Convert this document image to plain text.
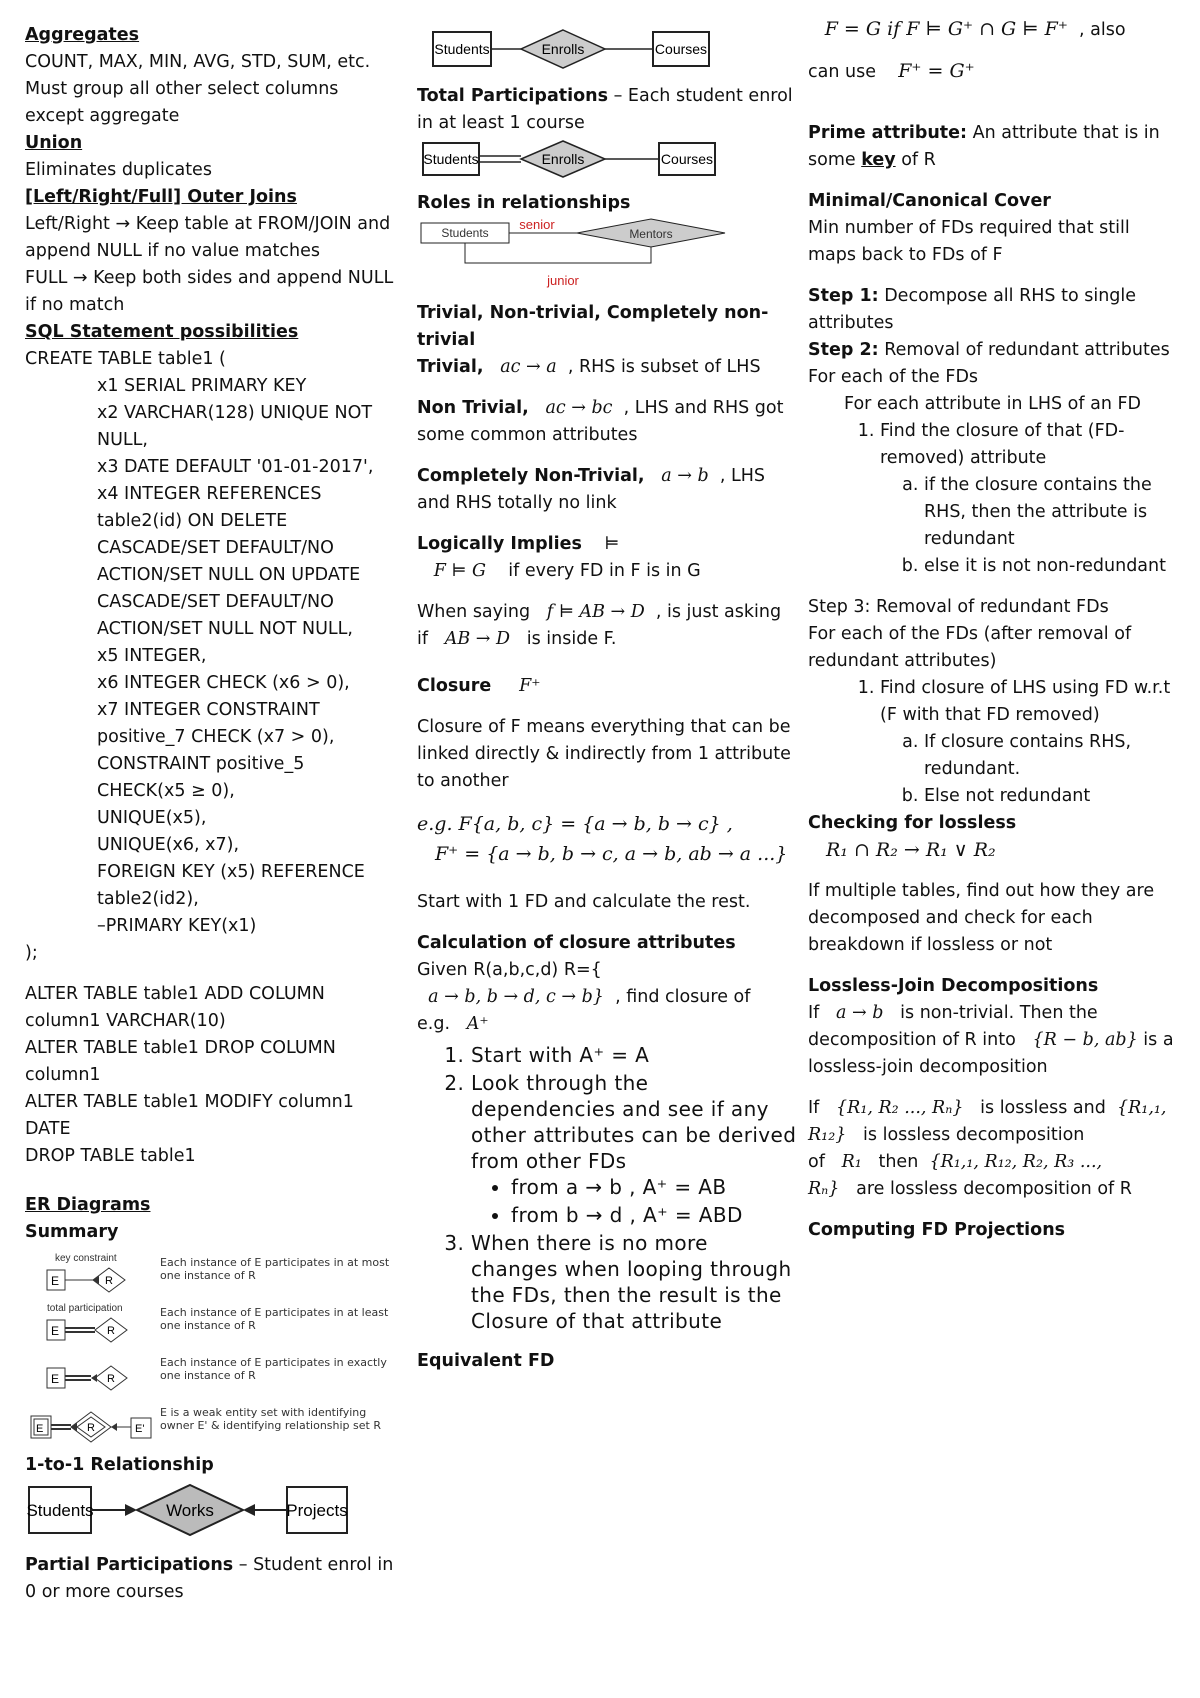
Aggregates

COUNT, MAX, MIN, AVG, STD, SUM, etc.

Must group all other select columns except aggregate

Union

Eliminates duplicates

[Left/Right/Full] Outer Joins

Left/Right → Keep table at FROM/JOIN and append NULL if no value matches

FULL → Keep both sides and append NULL if no match

SQL Statement possibilities

CREATE TABLE table1 (

x1 SERIAL PRIMARY KEY

x2 VARCHAR(128) UNIQUE NOT NULL,

x3 DATE DEFAULT '01-01-2017',

x4 INTEGER REFERENCES table2(id) ON DELETE CASCADE/SET DEFAULT/NO ACTION/SET NULL ON UPDATE CASCADE/SET DEFAULT/NO ACTION/SET NULL NOT NULL,

x5 INTEGER,

x6 INTEGER CHECK (x6 > 0),

x7 INTEGER CONSTRAINT positive_7 CHECK (x7 > 0),

CONSTRAINT positive_5 CHECK(x5 ≥ 0),

UNIQUE(x5),

UNIQUE(x6, x7),

FOREIGN KEY (x5) REFERENCE table2(id2),

–PRIMARY KEY(x1)

);

ALTER TABLE table1 ADD COLUMN column1 VARCHAR(10)

ALTER TABLE table1 DROP COLUMN column1

ALTER TABLE table1 MODIFY column1 DATE

DROP TABLE table1

ER Diagrams

Summary

key constraint
E	R
Each instance of E participates in at most one instance of R
total participation
E	R
Each instance of E participates in at least one instance of R
E	R
Each instance of E participates in exactly one instance of R
E	R	E'
E is a weak entity set with identifying owner E' & identifying relationship set R

1-to-1 Relationship

Students	Works	Projects

Partial Participations – Student enrol in 0 or more courses

Students	Enrolls	Courses

Total Participations – Each student enrol in at least 1 course

Students	Enrolls	Courses

Roles in relationships

Students
senior
Mentors
junior

Trivial, Non-trivial, Completely non-trivial

Trivial, ac → a , RHS is subset of LHS

Non Trivial, ac → bc , LHS and RHS got some common attributes

Completely Non-Trivial, a → b , LHS and RHS totally no link

Logically Implies ⊨

F ⊨ G if every FD in F is in G

When saying f ⊨ AB → D , is just asking if AB → D is inside F.

Closure F⁺

Closure of F means everything that can be linked directly & indirectly from 1 attribute to another

e.g. F{a, b, c} = {a → b, b → c} ,

F⁺ = {a → b, b → c, a → b, ab → a ...}

Start with 1 FD and calculate the rest.

Calculation of closure attributes

Given R(a,b,c,d) R={

a → b, b → d, c → b} , find closure of e.g. A⁺

1. Start with A⁺ = A
2. Look through the dependencies and see if any other attributes can be derived from other FDs
• from a → b , A⁺ = AB
• from b → d , A⁺ = ABD
3. When there is no more changes when looping through the FDs, then the result is the Closure of that attribute

Equivalent FD

F = G if F ⊨ G⁺ ∩ G ⊨ F⁺ , also

can use F⁺ = G⁺

Prime attribute: An attribute that is in some key of R

Minimal/Canonical Cover

Min number of FDs required that still maps back to FDs of F

Step 1: Decompose all RHS to single attributes

Step 2: Removal of redundant attributes

For each of the FDs

For each attribute in LHS of an FD

1. Find the closure of that (FD-removed) attribute
a. if the closure contains the RHS, then the attribute is redundant
b. else it is not non-redundant

Step 3: Removal of redundant FDs

For each of the FDs (after removal of redundant attributes)

1. Find closure of LHS using FD w.r.t (F with that FD removed)
a. If closure contains RHS, redundant.
b. Else not redundant

Checking for lossless

R₁ ∩ R₂ → R₁ ∨ R₂

If multiple tables, find out how they are decomposed and check for each breakdown if lossless or not

Lossless-Join Decompositions

If a → b is non-trivial. Then the decomposition of R into {R − b, ab} is a lossless-join decomposition

If {R₁, R₂ ..., Rₙ} is lossless and {R₁,₁, R₁₂} is lossless decomposition of R₁ then {R₁,₁, R₁₂, R₂, R₃ ..., Rₙ} are lossless decomposition of R

Computing FD Projections
